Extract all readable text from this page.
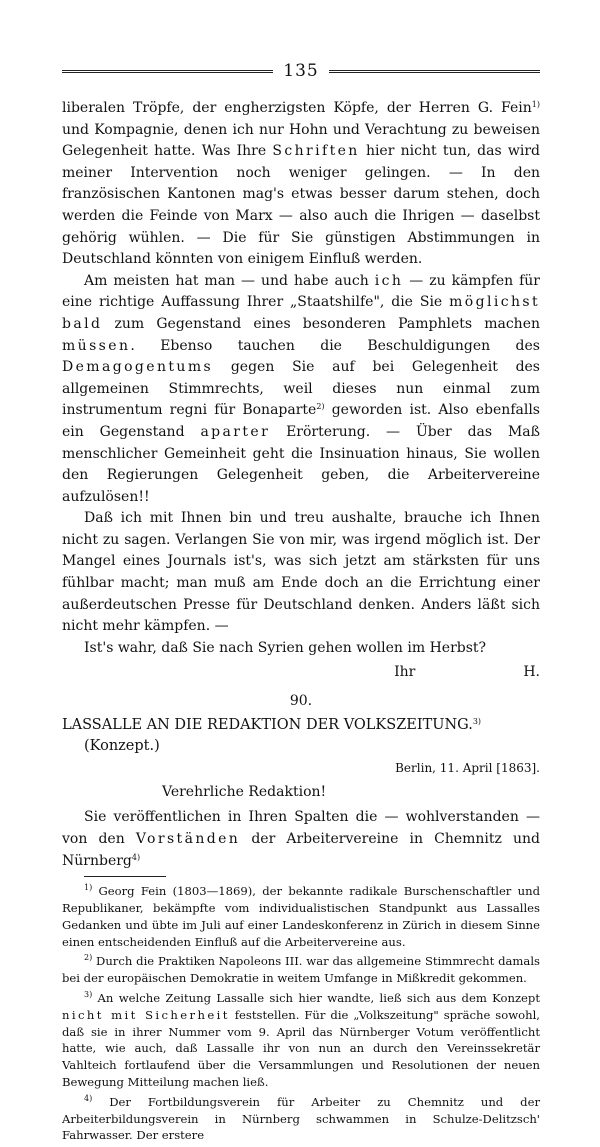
135

liberalen Tröpfe, der engherzigsten Köpfe, der Herren G. Fein$^{1)}$ und Kompagnie, denen ich nur Hohn und Verachtung zu beweisen Gelegenheit hatte. Was Ihre Schriften hier nicht tun, das wird meiner Intervention noch weniger gelingen. — In den französischen Kantonen mag's etwas besser darum stehen, doch werden die Feinde von Marx — also auch die Ihrigen — daselbst gehörig wühlen. — Die für Sie günstigen Abstimmungen in Deutschland könnten von einigem Einfluß werden.

Am meisten hat man — und habe auch ich — zu kämpfen für eine richtige Auffassung Ihrer „Staatshilfe", die Sie möglichst bald zum Gegenstand eines besonderen Pamphlets machen müssen. Ebenso tauchen die Beschuldigungen des Demagogentums gegen Sie auf bei Gelegenheit des allgemeinen Stimmrechts, weil dieses nun einmal zum instrumentum regni für Bonaparte$^{2)}$ geworden ist. Also ebenfalls ein Gegenstand aparter Erörterung. — Über das Maß menschlicher Gemeinheit geht die Insinuation hinaus, Sie wollen den Regierungen Gelegenheit geben, die Arbeitervereine aufzulösen!!

Daß ich mit Ihnen bin und treu aushalte, brauche ich Ihnen nicht zu sagen. Verlangen Sie von mir, was irgend möglich ist. Der Mangel eines Journals ist's, was sich jetzt am stärksten für uns fühlbar macht; man muß am Ende doch an die Errichtung einer außerdeutschen Presse für Deutschland denken. Anders läßt sich nicht mehr kämpfen. —

Ist's wahr, daß Sie nach Syrien gehen wollen im Herbst?

Ihr	H.
90.
LASSALLE AN DIE REDAKTION DER VOLKSZEITUNG.$^{3)}$ (Konzept.)
Berlin, 11. April [1863].
Verehrliche Redaktion!
Sie veröffentlichen in Ihren Spalten die — wohlverstanden — von den Vorständen der Arbeitervereine in Chemnitz und Nürnberg$^{4)}$

$^{1)}$ Georg Fein (1803—1869), der bekannte radikale Burschenschaftler und Republikaner, bekämpfte vom individualistischen Standpunkt aus Lassalles Gedanken und übte im Juli auf einer Landeskonferenz in Zürich in diesem Sinne einen entscheidenden Einfluß auf die Arbeitervereine aus.

$^{2)}$ Durch die Praktiken Napoleons III. war das allgemeine Stimmrecht damals bei der europäischen Demokratie in weitem Umfange in Mißkredit gekommen.

$^{3)}$ An welche Zeitung Lassalle sich hier wandte, ließ sich aus dem Konzept nicht mit Sicherheit feststellen. Für die „Volkszeitung" spräche sowohl, daß sie in ihrer Nummer vom 9. April das Nürnberger Votum veröffentlicht hatte, wie auch, daß Lassalle ihr von nun an durch den Vereinssekretär Vahlteich fortlaufend über die Versammlungen und Resolutionen der neuen Bewegung Mitteilung machen ließ.

$^{4)}$ Der Fortbildungsverein für Arbeiter zu Chemnitz und der Arbeiterbildungsverein in Nürnberg schwammen in Schulze-Delitzsch' Fahrwasser. Der erstere
